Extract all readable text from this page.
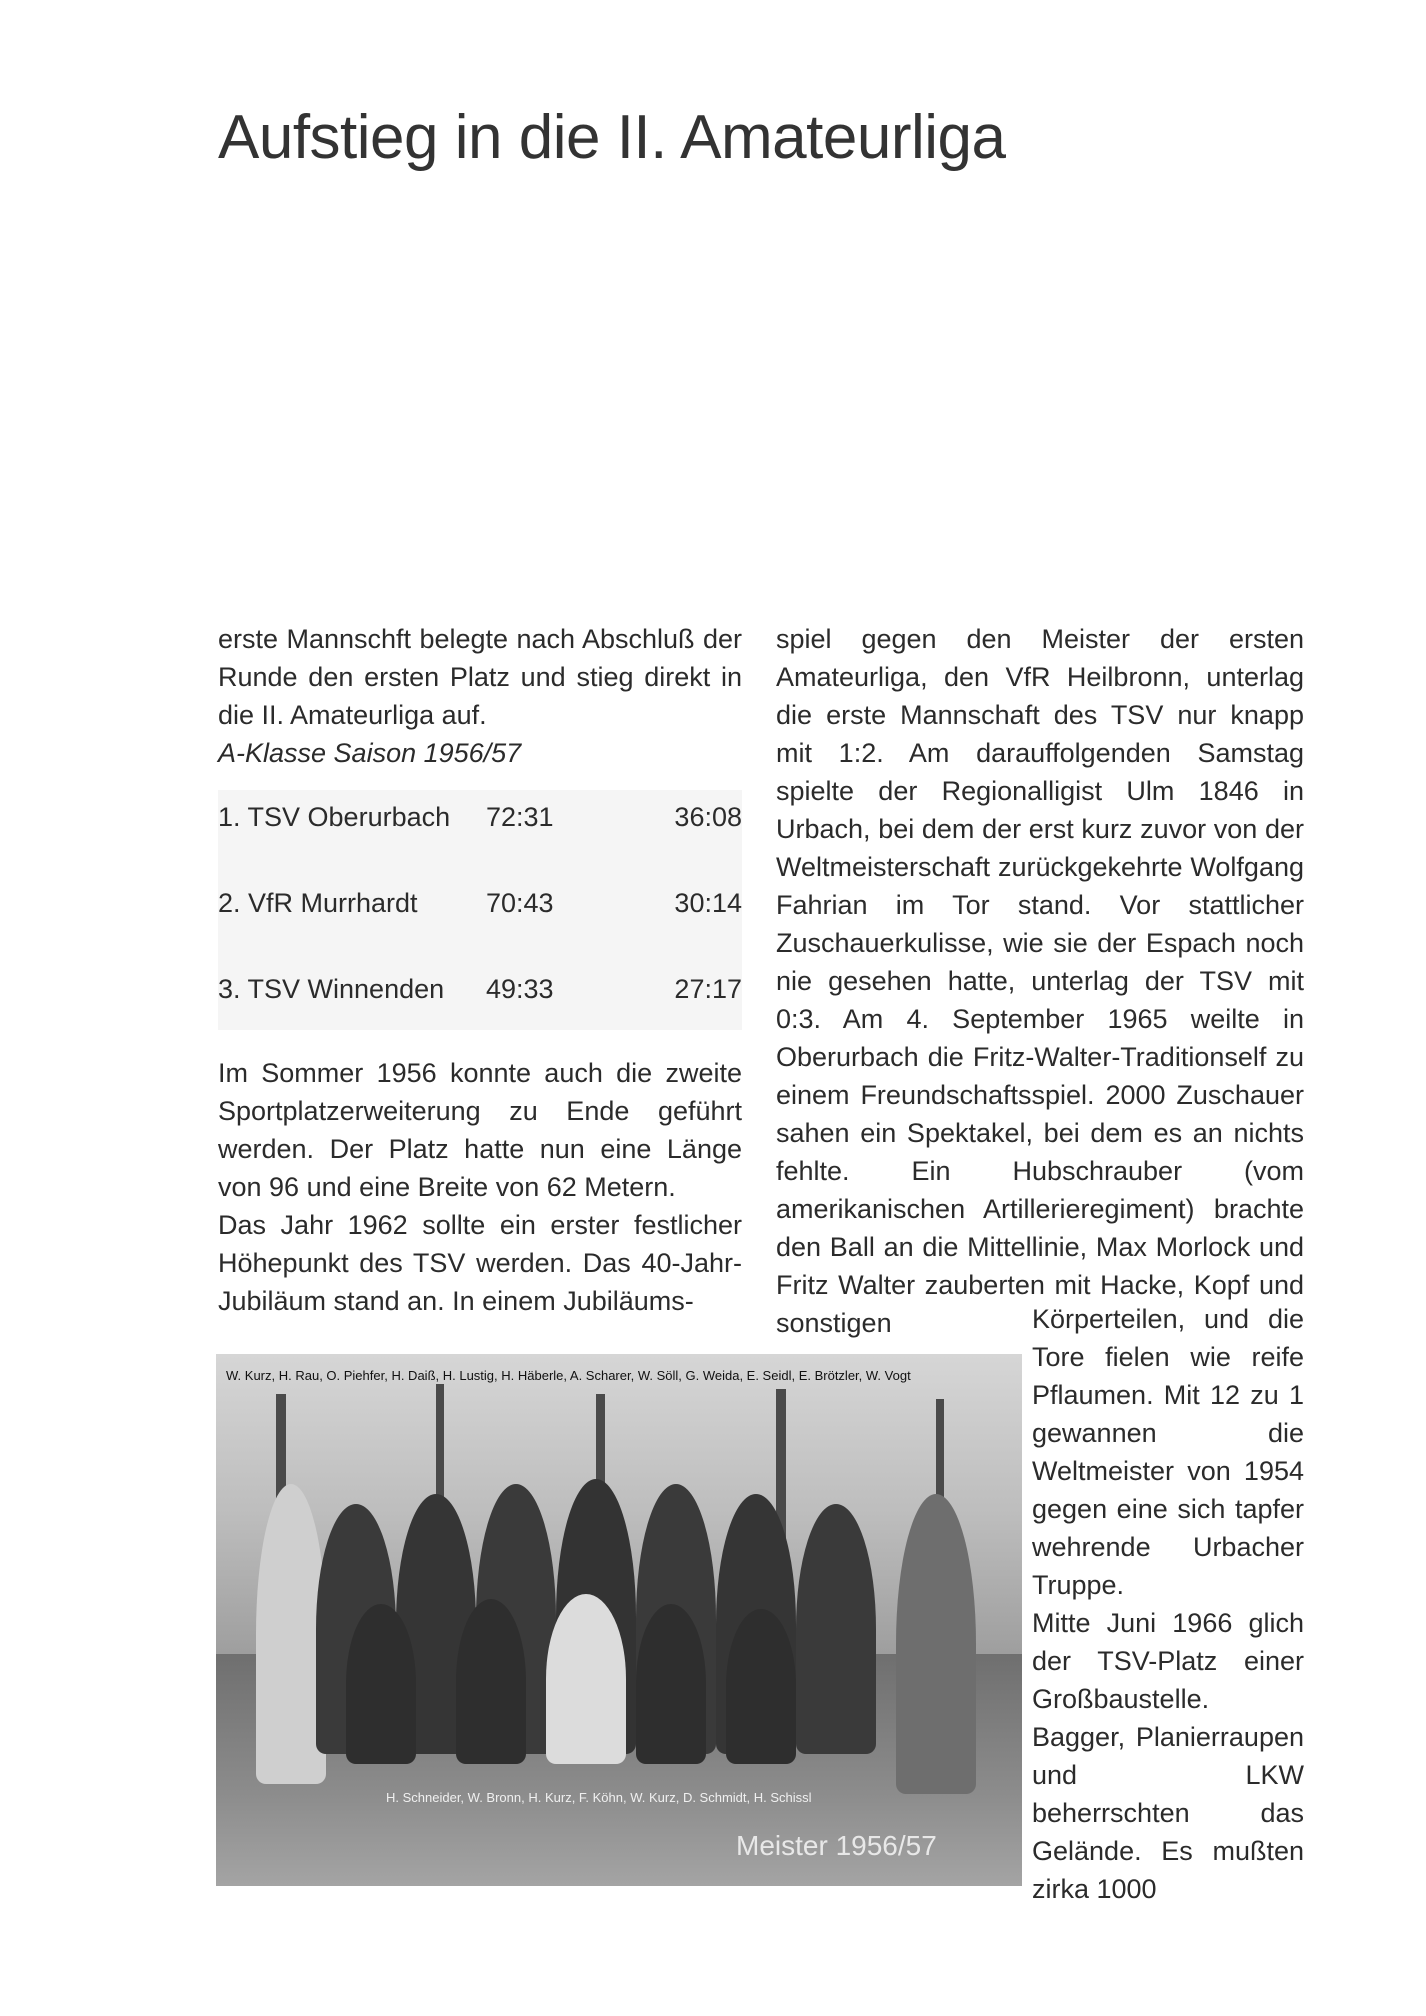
Aufstieg in die II. Amateurliga

erste Mannschft belegte nach Abschluß der Runde den ersten Platz und stieg direkt in die II. Amateurliga auf.

A-Klasse Saison 1956/57

1. TSV Oberurbach 72:31	36:08
2. VfR Murrhardt	70:43	30:14
3. TSV Winnenden 49:33	27:17

Im Sommer 1956 konnte auch die zweite Sportplatzerweiterung zu Ende geführt werden. Der Platz hatte nun eine Länge von 96 und eine Breite von 62 Metern.

Das Jahr 1962 sollte ein erster festlicher Höhepunkt des TSV werden. Das 40-Jahr-Jubiläum stand an. In einem Jubiläums-

spiel gegen den Meister der ersten Amateurliga, den VfR Heilbronn, unterlag die erste Mannschaft des TSV nur knapp mit 1:2. Am darauffolgenden Samstag spielte der Regionalligist Ulm 1846 in Urbach, bei dem der erst kurz zuvor von der Weltmeisterschaft zurückgekehrte Wolfgang Fahrian im Tor stand. Vor stattlicher Zuschauerkulisse, wie sie der Espach noch nie gesehen hatte, unterlag der TSV mit 0:3. Am 4. September 1965 weilte in Oberurbach die Fritz-Walter-Traditionself zu einem Freundschaftsspiel. 2000 Zuschauer sahen ein Spektakel, bei dem es an nichts fehlte. Ein Hubschrauber (vom amerikanischen Artillerieregiment) brachte den Ball an die Mittellinie, Max Morlock und Fritz Walter zauberten mit Hacke, Kopf und sonstigen	Körperteilen, und die Tore fielen wie reife Pflaumen. Mit 12 zu 1 gewannen die Weltmeister von 1954 gegen eine sich tapfer wehrende Urbacher Truppe.

Mitte Juni 1966 glich der TSV-Platz einer Großbaustelle. Bagger, Planierraupen und LKW beherrschten das Gelände. Es mußten zirka 1000

W. Kurz, H. Rau, O. Piehfer, H. Daiß, H. Lustig, H. Häberle, A. Scharer, W. Söll, G. Weida, E. Seidl, E. Brötzler, W. Vogt
H. Schneider, W. Bronn, H. Kurz, F. Köhn, W. Kurz, D. Schmidt, H. Schissl
Meister 1956/57
